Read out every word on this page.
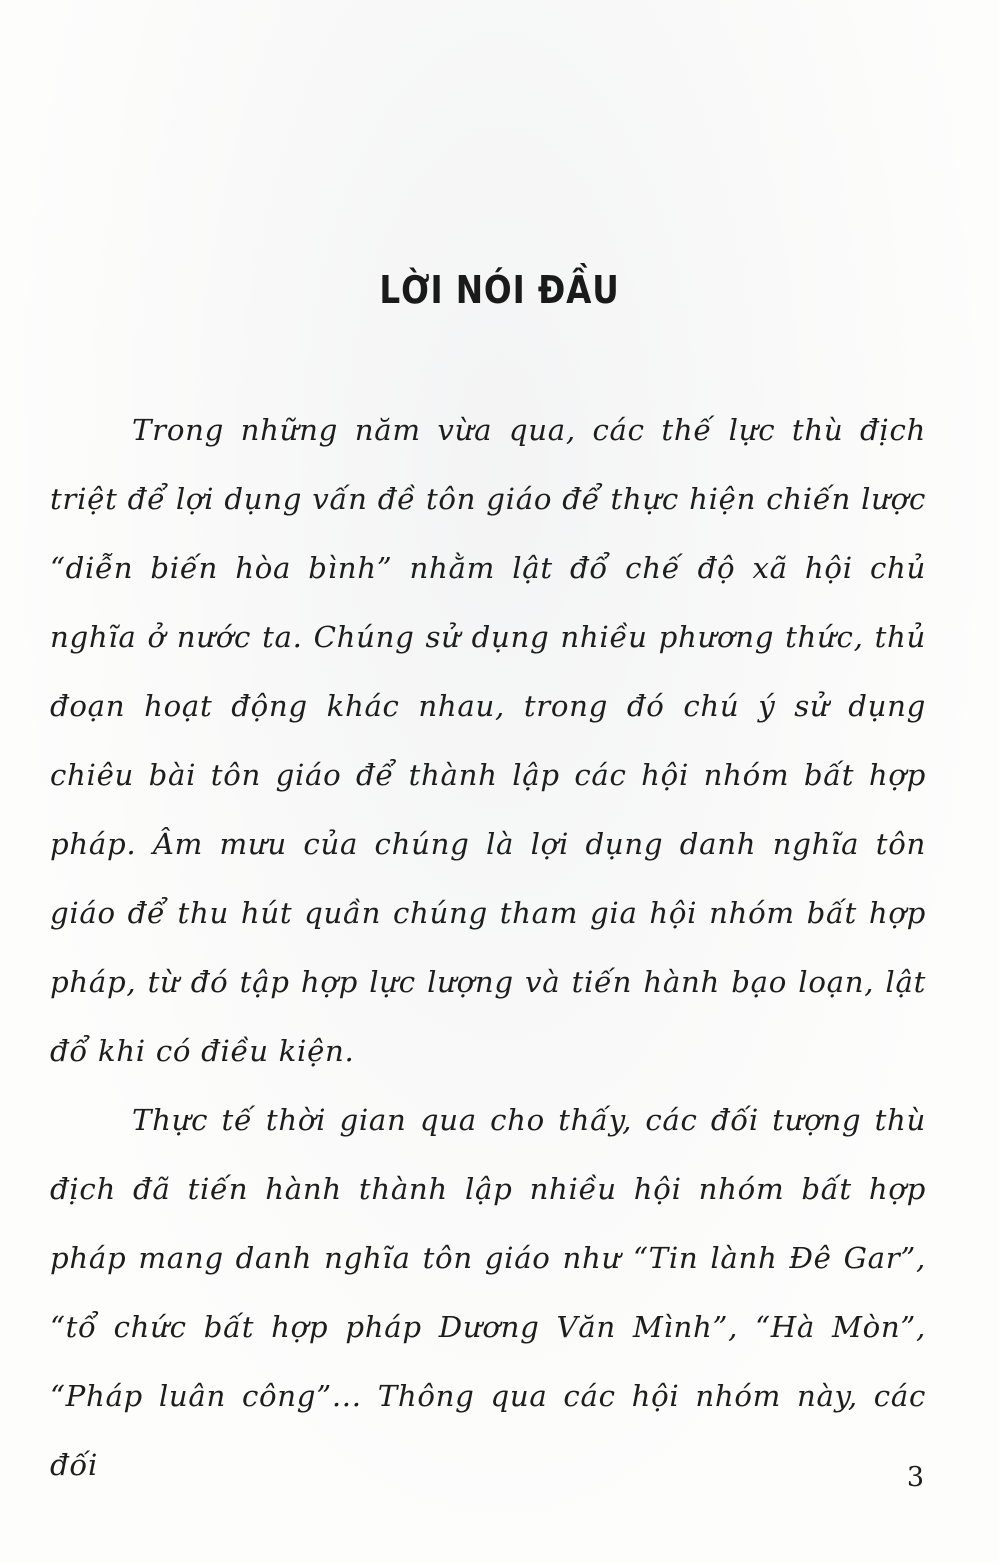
LỜI NÓI ĐẦU

Trong những năm vừa qua, các thế lực thù địch triệt để lợi dụng vấn đề tôn giáo để thực hiện chiến lược “diễn biến hòa bình” nhằm lật đổ chế độ xã hội chủ nghĩa ở nước ta. Chúng sử dụng nhiều phương thức, thủ đoạn hoạt động khác nhau, trong đó chú ý sử dụng chiêu bài tôn giáo để thành lập các hội nhóm bất hợp pháp. Âm mưu của chúng là lợi dụng danh nghĩa tôn giáo để thu hút quần chúng tham gia hội nhóm bất hợp pháp, từ đó tập hợp lực lượng và tiến hành bạo loạn, lật đổ khi có điều kiện.

Thực tế thời gian qua cho thấy, các đối tượng thù địch đã tiến hành thành lập nhiều hội nhóm bất hợp pháp mang danh nghĩa tôn giáo như “Tin lành Đê Gar”, “tổ chức bất hợp pháp Dương Văn Mình”, “Hà Mòn”, “Pháp luân công”... Thông qua các hội nhóm này, các đối	3
